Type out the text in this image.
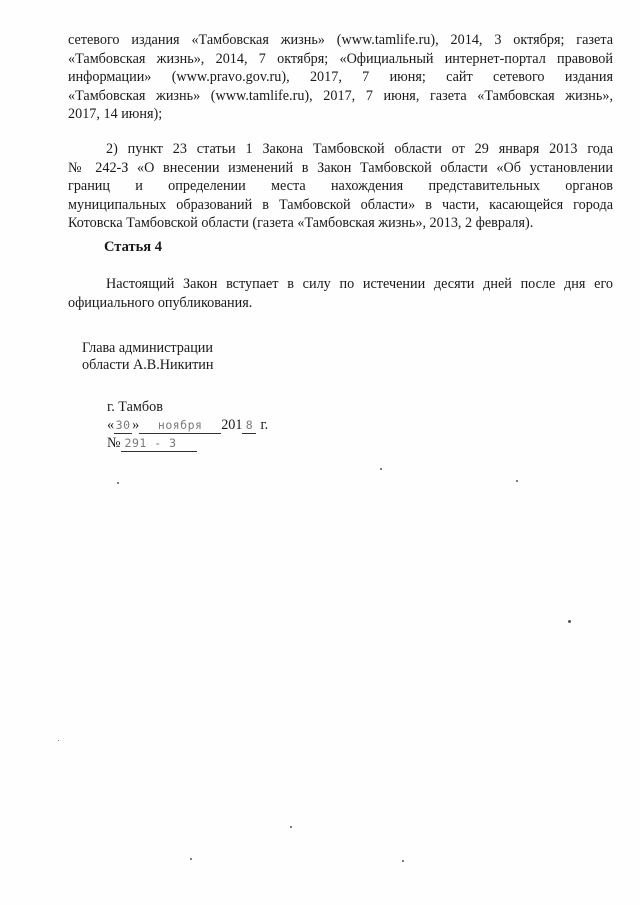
сетевого издания «Тамбовская жизнь» (www.tamlife.ru), 2014, 3 октября; газета
«Тамбовская жизнь», 2014, 7 октября; «Официальный интернет-портал правовой
информации» (www.pravo.gov.ru), 2017, 7 июня; сайт сетевого издания
«Тамбовская жизнь» (www.tamlife.ru), 2017, 7 июня, газета «Тамбовская жизнь»,
2017, 14 июня);
2) пункт 23 статьи 1 Закона Тамбовской области от 29 января 2013 года
№ 242-З «О внесении изменений в Закон Тамбовской области «Об установлении
границ и определении места нахождения представительных органов
муниципальных образований в Тамбовской области» в части, касающейся города
Котовска Тамбовской области (газета «Тамбовская жизнь», 2013, 2 февраля).
Статья 4
Настоящий Закон вступает в силу по истечении десяти дней после дня его
официального опубликования.
Глава администрации
области А.В.Никитин
г. Тамбов
« 30 » ноября 201 8 г.
№ 291 - З
